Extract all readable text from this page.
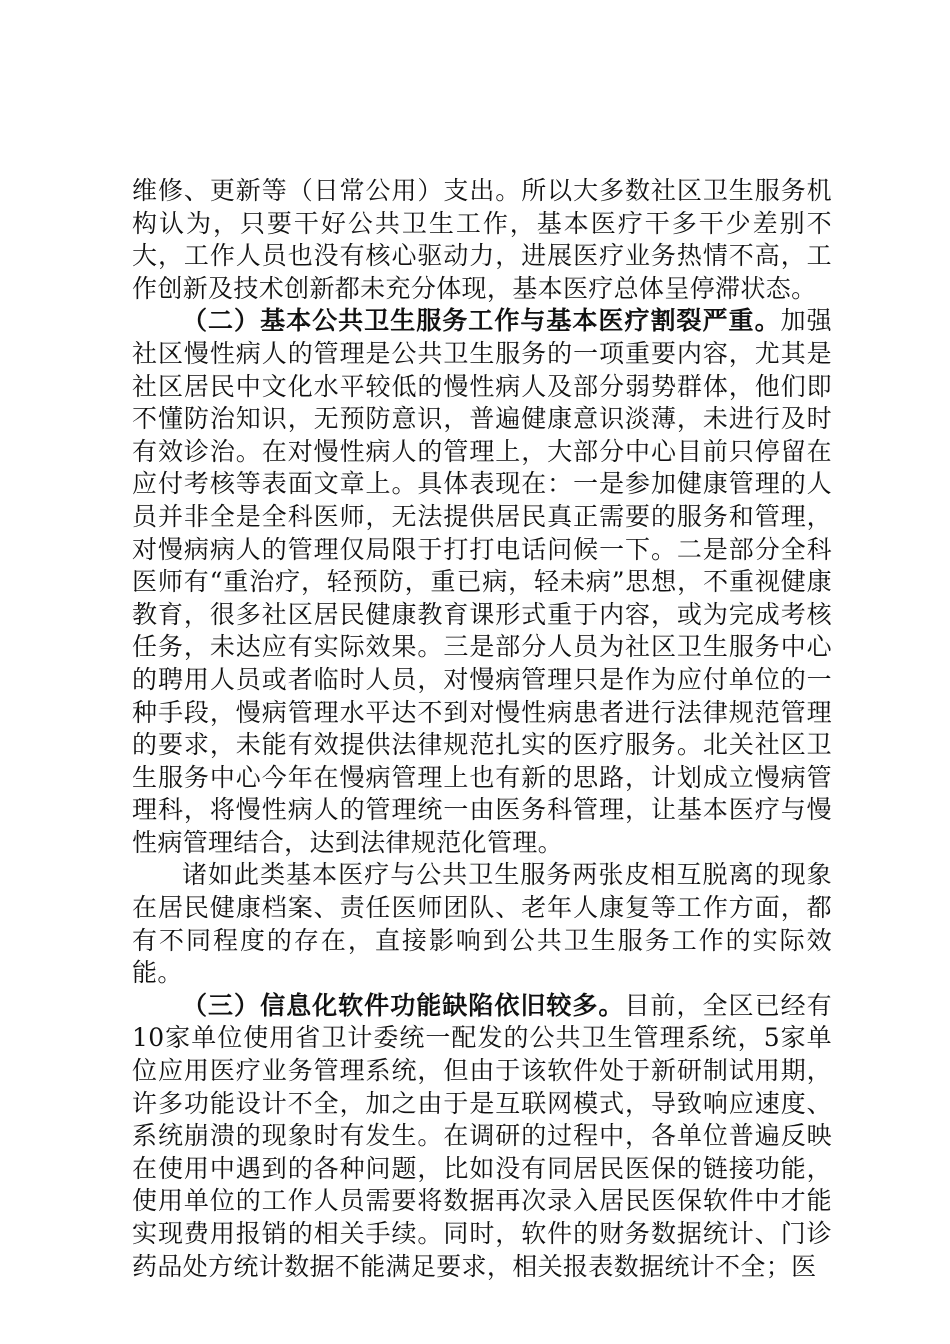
维修、更新等（日常公用）支出。所以大多数社区卫生服务机构认为，只要干好公共卫生工作，基本医疗干多干少差别不大，工作人员也没有核心驱动力，进展医疗业务热情不高，工作创新及技术创新都未充分体现，基本医疗总体呈停滞状态。

（二）基本公共卫生服务工作与基本医疗割裂严重。加强社区慢性病人的管理是公共卫生服务的一项重要内容，尤其是社区居民中文化水平较低的慢性病人及部分弱势群体，他们即不懂防治知识，无预防意识，普遍健康意识淡薄，未进行及时有效诊治。在对慢性病人的管理上，大部分中心目前只停留在应付考核等表面文章上。具体表现在：一是参加健康管理的人员并非全是全科医师，无法提供居民真正需要的服务和管理，对慢病病人的管理仅局限于打打电话问候一下。二是部分全科医师有“重治疗，轻预防，重已病，轻未病”思想，不重视健康教育，很多社区居民健康教育课形式重于内容，或为完成考核任务，未达应有实际效果。三是部分人员为社区卫生服务中心的聘用人员或者临时人员，对慢病管理只是作为应付单位的一种手段，慢病管理水平达不到对慢性病患者进行法律规范管理的要求，未能有效提供法律规范扎实的医疗服务。北关社区卫生服务中心今年在慢病管理上也有新的思路，计划成立慢病管理科，将慢性病人的管理统一由医务科管理，让基本医疗与慢性病管理结合，达到法律规范化管理。

诸如此类基本医疗与公共卫生服务两张皮相互脱离的现象在居民健康档案、责任医师团队、老年人康复等工作方面，都有不同程度的存在，直接影响到公共卫生服务工作的实际效能。

（三）信息化软件功能缺陷依旧较多。目前，全区已经有10家单位使用省卫计委统一配发的公共卫生管理系统，5家单位应用医疗业务管理系统，但由于该软件处于新研制试用期，许多功能设计不全，加之由于是互联网模式，导致响应速度、系统崩溃的现象时有发生。在调研的过程中，各单位普遍反映在使用中遇到的各种问题，比如没有同居民医保的链接功能，使用单位的工作人员需要将数据再次录入居民医保软件中才能实现费用报销的相关手续。同时，软件的财务数据统计、门诊药品处方统计数据不能满足要求，相关报表数据统计不全；医
